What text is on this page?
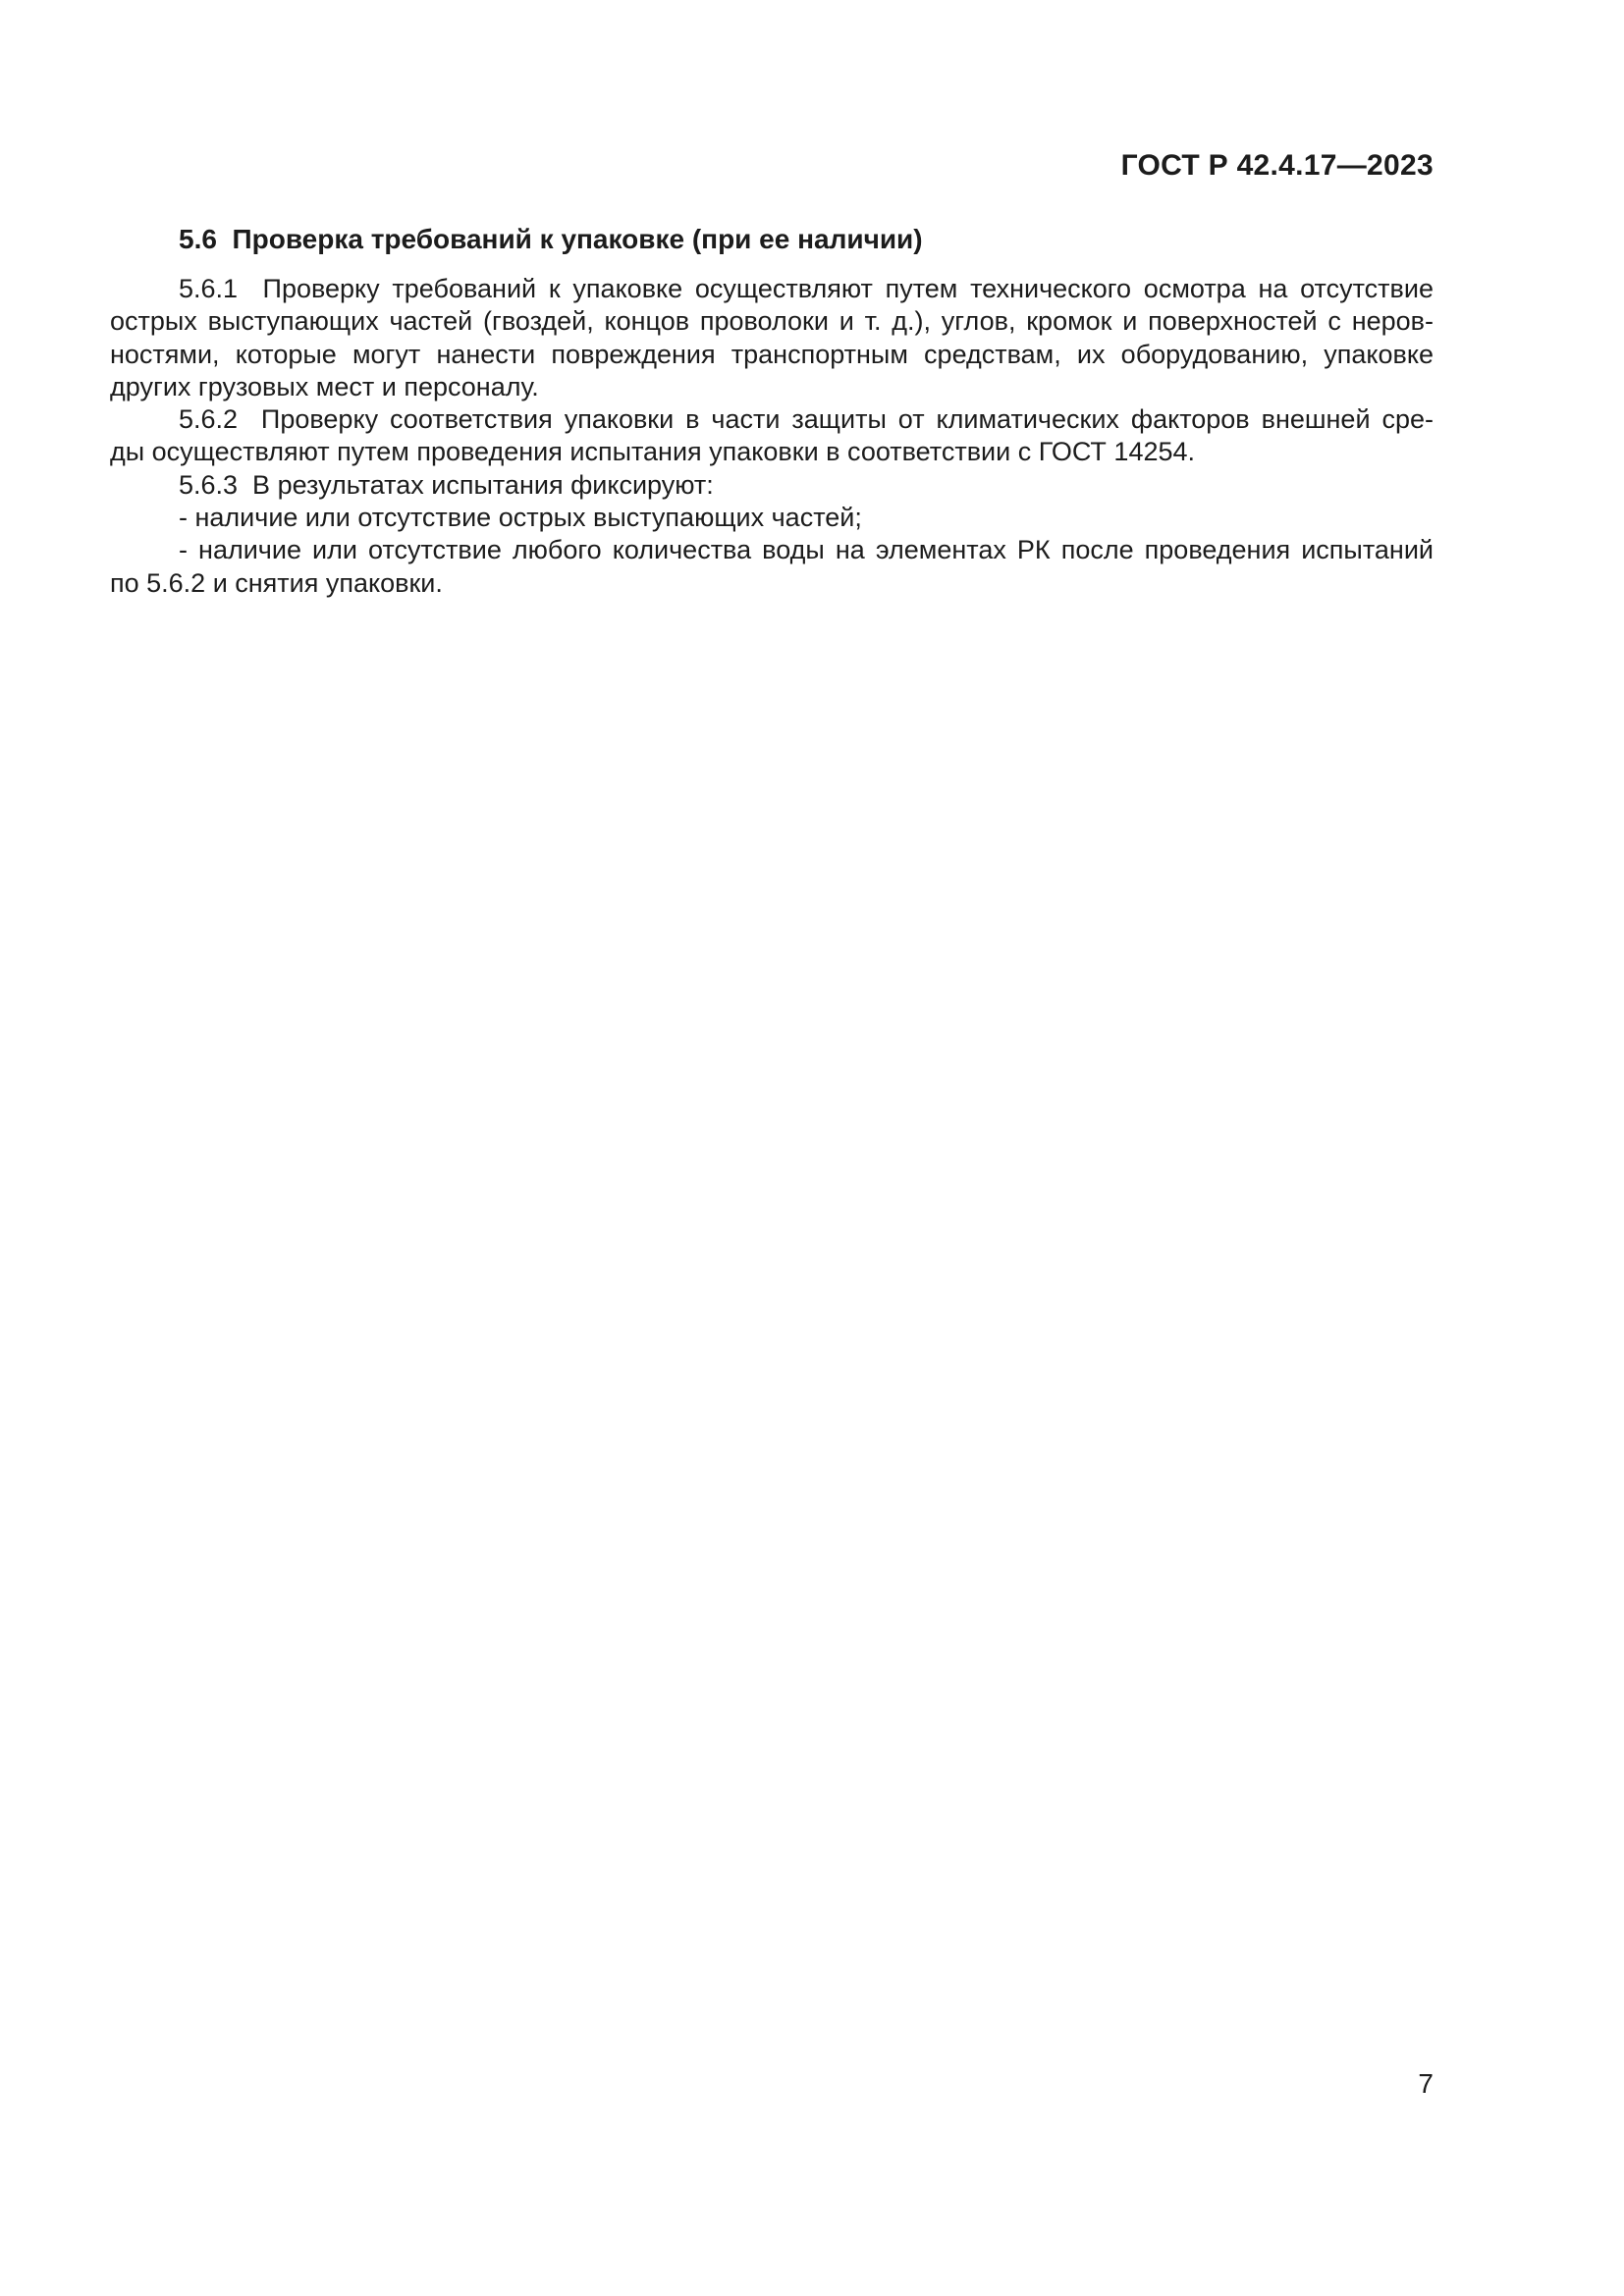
ГОСТ Р 42.4.17—2023
5.6  Проверка требований к упаковке (при ее наличии)
5.6.1  Проверку требований к упаковке осуществляют путем технического осмотра на отсутствие
острых выступающих частей (гвоздей, концов проволоки и т. д.), углов, кромок и поверхностей с неров-
ностями, которые могут нанести повреждения транспортным средствам, их оборудованию, упаковке
других грузовых мест и персоналу.
5.6.2  Проверку соответствия упаковки в части защиты от климатических факторов внешней сре-
ды осуществляют путем проведения испытания упаковки в соответствии с ГОСТ 14254.
5.6.3  В результатах испытания фиксируют:
- наличие или отсутствие острых выступающих частей;
- наличие или отсутствие любого количества воды на элементах РК после проведения испытаний
по 5.6.2 и снятия упаковки.
7
